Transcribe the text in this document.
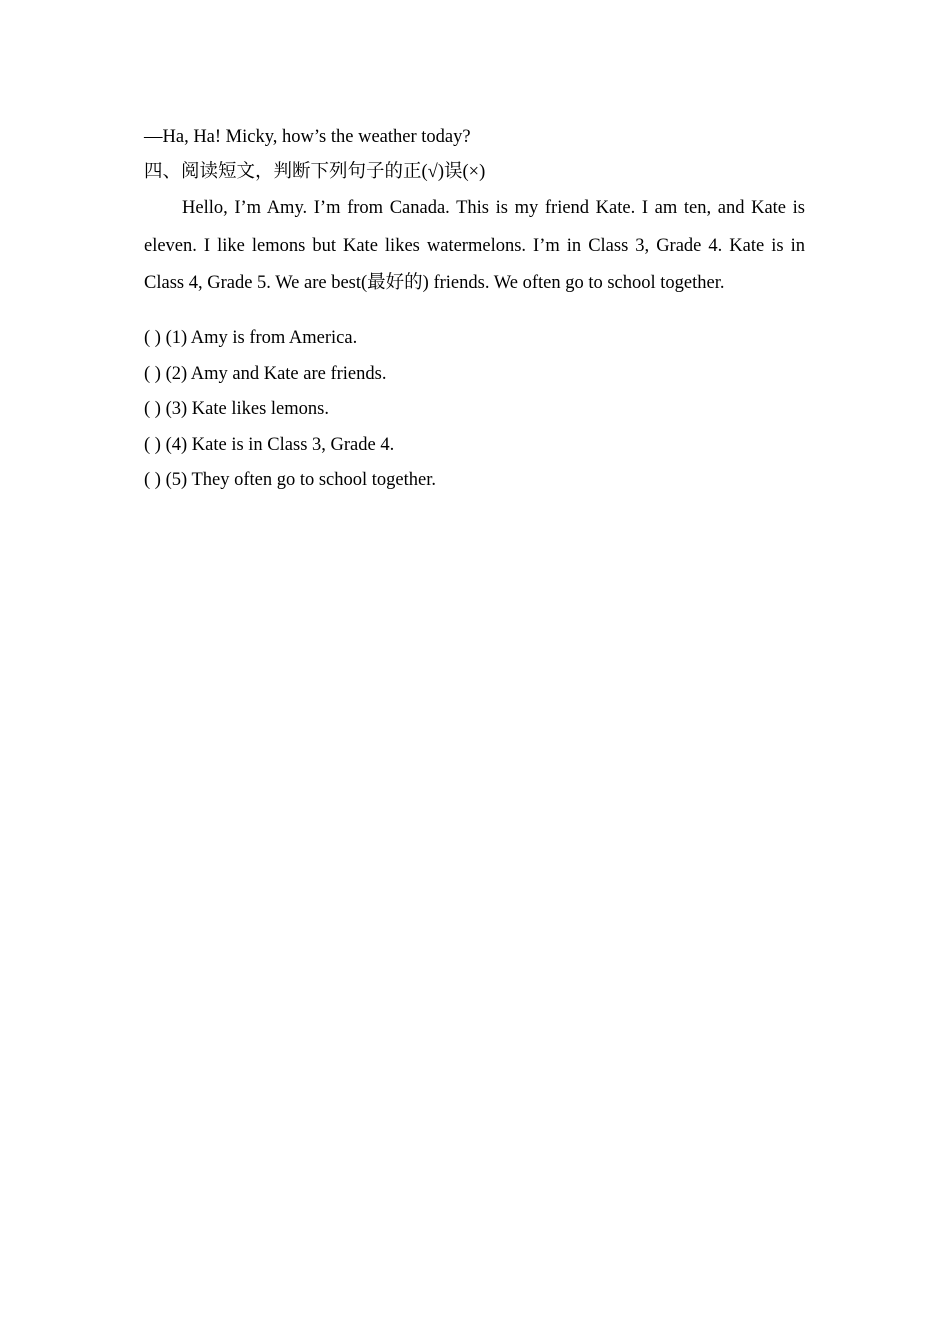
—Ha, Ha! Micky, how’s the weather today?
四、阅读短文，判断下列句子的正(√)误(×)

Hello, I’m Amy. I’m from Canada. This is my friend Kate. I am ten, and Kate is eleven. I like lemons but Kate likes watermelons. I’m in Class 3, Grade 4. Kate is in Class 4, Grade 5. We are best(最好的) friends. We often go to school together.

( ) (1) Amy is from America.
( ) (2) Amy and Kate are friends.
( ) (3) Kate likes lemons.
( ) (4) Kate is in Class 3, Grade 4.
( ) (5) They often go to school together.
